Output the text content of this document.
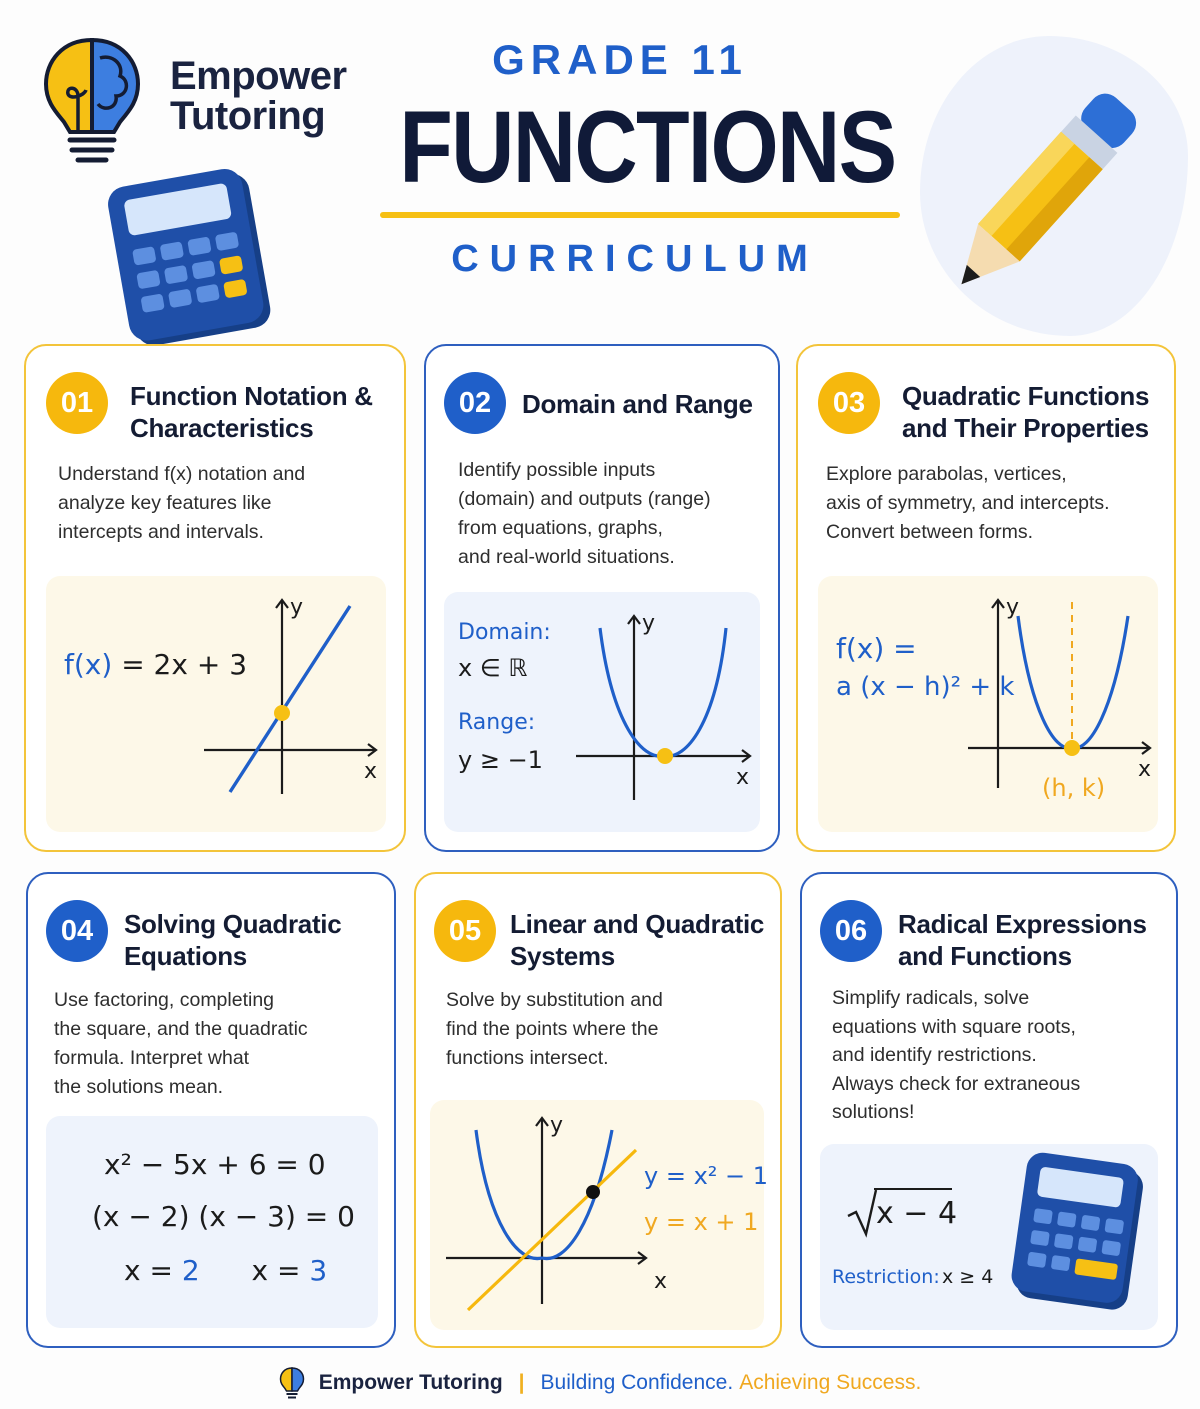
Empower
Tutoring
GRADE 11
FUNCTIONS
CURRICULUM
01	Function Notation &
Characteristics
Understand f(x) notation and
analyze key features like
intercepts and intervals.
f(x) = 2x + 3
y
x
02	Domain and Range
Identify possible inputs
(domain) and outputs (range)
from equations, graphs,
and real-world situations.
Domain:
x ∈ ℝ
Range:
y ≥ −1
y
x
03	Quadratic Functions
and Their Properties
Explore parabolas, vertices,
axis of symmetry, and intercepts.
Convert between forms.
f(x) =
a (x − h)² + k
y
x
(h, k)
04	Solving Quadratic
Equations
Use factoring, completing
the square, and the quadratic
formula. Interpret what
the solutions mean.
x² − 5x + 6 = 0
(x − 2) (x − 3) = 0
x = 2 x = 3
05	Linear and Quadratic
Systems
Solve by substitution and
find the points where the
functions intersect.
y
x
y = x² − 1
y = x + 1
06	Radical Expressions
and Functions
Simplify radicals, solve
equations with square roots,
and identify restrictions.
Always check for extraneous
solutions!
x − 4
Restriction: x ≥ 4
Empower Tutoring | Building Confidence. Achieving Success.
